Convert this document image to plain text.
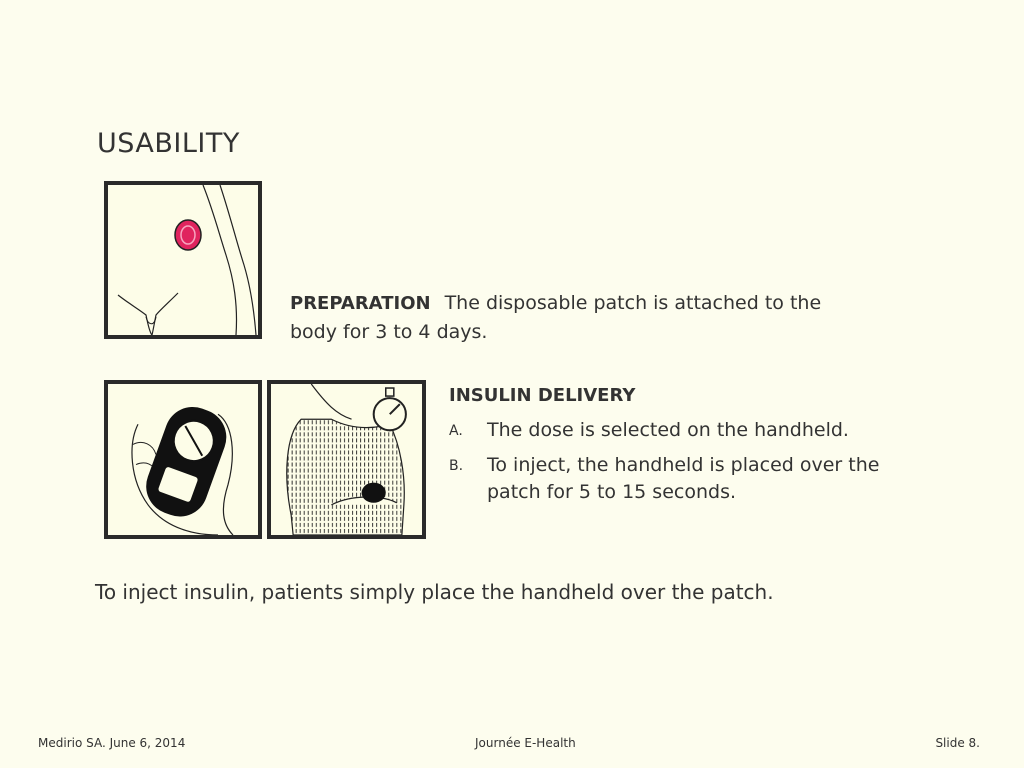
USABILITY
PREPARATION The disposable patch is attached to the body for 3 to 4 days.
INSULIN DELIVERY
A. The dose is selected on the handheld.
B. To inject, the handheld is placed over the patch for 5 to 15 seconds.
To inject insulin, patients simply place the handheld over the patch.
Medirio SA. June 6, 2014	Journée E-Health	Slide 8.
